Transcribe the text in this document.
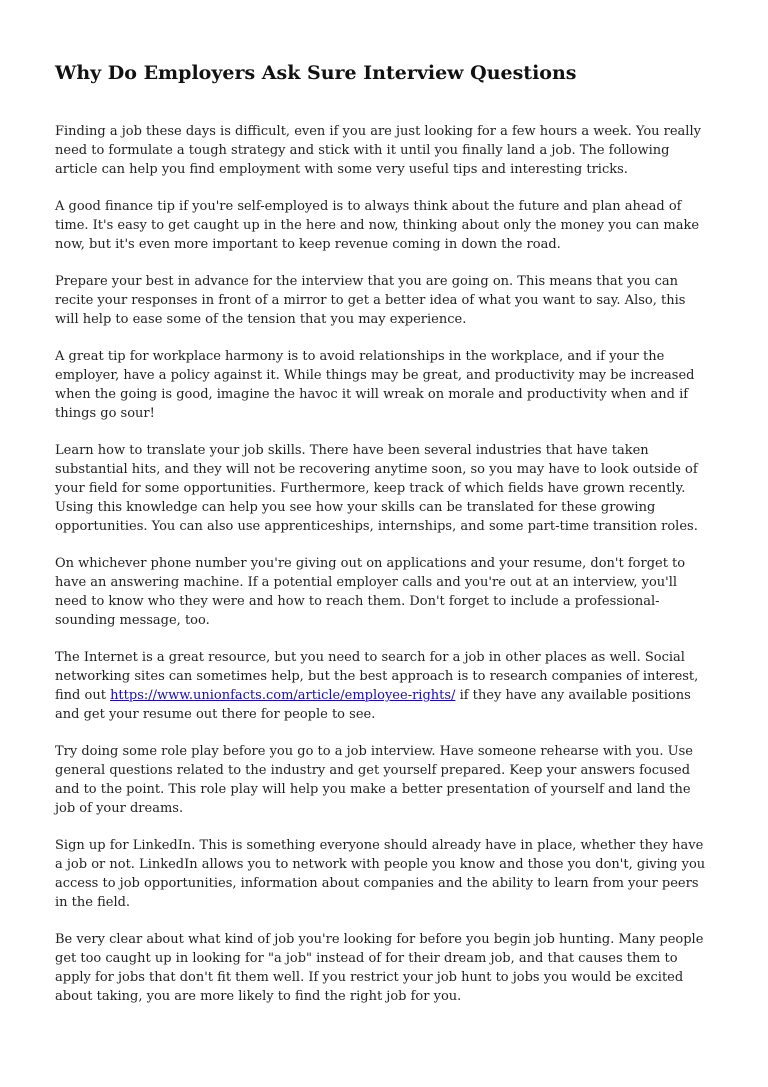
Why Do Employers Ask Sure Interview Questions

Finding a job these days is difficult, even if you are just looking for a few hours a week. You really need to formulate a tough strategy and stick with it until you finally land a job. The following article can help you find employment with some very useful tips and interesting tricks.

A good finance tip if you're self-employed is to always think about the future and plan ahead of time. It's easy to get caught up in the here and now, thinking about only the money you can make now, but it's even more important to keep revenue coming in down the road.

Prepare your best in advance for the interview that you are going on. This means that you can recite your responses in front of a mirror to get a better idea of what you want to say. Also, this will help to ease some of the tension that you may experience.

A great tip for workplace harmony is to avoid relationships in the workplace, and if your the employer, have a policy against it. While things may be great, and productivity may be increased when the going is good, imagine the havoc it will wreak on morale and productivity when and if things go sour!

Learn how to translate your job skills. There have been several industries that have taken substantial hits, and they will not be recovering anytime soon, so you may have to look outside of your field for some opportunities. Furthermore, keep track of which fields have grown recently. Using this knowledge can help you see how your skills can be translated for these growing opportunities. You can also use apprenticeships, internships, and some part-time transition roles.

On whichever phone number you're giving out on applications and your resume, don't forget to have an answering machine. If a potential employer calls and you're out at an interview, you'll need to know who they were and how to reach them. Don't forget to include a professional-sounding message, too.

The Internet is a great resource, but you need to search for a job in other places as well. Social networking sites can sometimes help, but the best approach is to research companies of interest, find out https://www.unionfacts.com/article/employee-rights/ if they have any available positions and get your resume out there for people to see.

Try doing some role play before you go to a job interview. Have someone rehearse with you. Use general questions related to the industry and get yourself prepared. Keep your answers focused and to the point. This role play will help you make a better presentation of yourself and land the job of your dreams.

Sign up for LinkedIn. This is something everyone should already have in place, whether they have a job or not. LinkedIn allows you to network with people you know and those you don't, giving you access to job opportunities, information about companies and the ability to learn from your peers in the field.

Be very clear about what kind of job you're looking for before you begin job hunting. Many people get too caught up in looking for "a job" instead of for their dream job, and that causes them to apply for jobs that don't fit them well. If you restrict your job hunt to jobs you would be excited about taking, you are more likely to find the right job for you.
